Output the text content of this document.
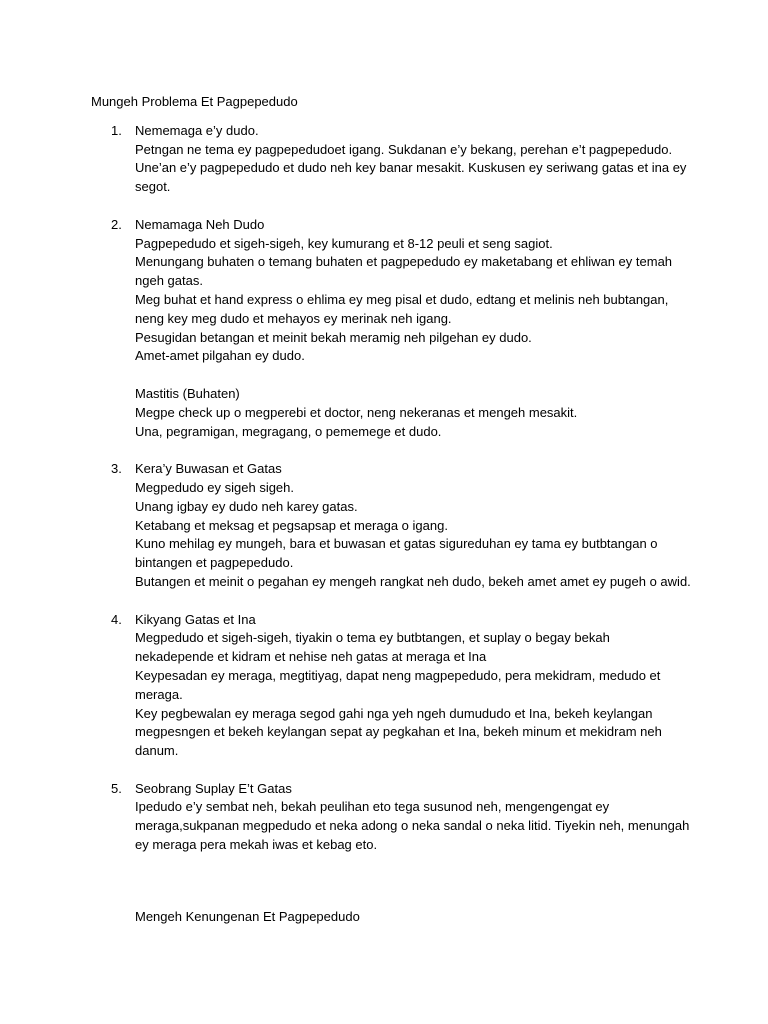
Mungeh Problema Et Pagpepedudo
1. Nememaga e’y dudo.
Petngan ne tema ey pagpepedudoet igang. Sukdanan e’y bekang, perehan e’t pagpepedudo. Une’an e’y pagpepedudo et dudo neh key banar mesakit. Kuskusen ey seriwang gatas et ina ey segot.
2. Nemamaga Neh Dudo
Pagpepedudo et sigeh-sigeh, key kumurang et 8-12 peuli et seng sagiot.
Menungang buhaten o temang buhaten et pagpepedudo ey maketabang et ehliwan ey temah ngeh gatas.
Meg buhat et hand express o ehlima ey meg pisal et dudo, edtang et melinis neh bubtangan, neng key meg dudo et mehayos ey merinak neh igang.
Pesugidan betangan et meinit bekah meramig neh pilgehan ey dudo.
Amet-amet pilgahan ey dudo.
Mastitis (Buhaten)
Megpe check up o megperebi et doctor, neng nekeranas et mengeh mesakit.
Una, pegramigan, megragang, o pememege et dudo.
3. Kera’y Buwasan et Gatas
Megpedudo ey sigeh sigeh.
Unang igbay ey dudo neh karey gatas.
Ketabang et meksag et pegsapsap et meraga o igang.
Kuno mehilag ey mungeh, bara et buwasan et gatas sigureduhan ey tama ey butbtangan o bintangen et pagpepedudo.
Butangen et meinit o pegahan ey mengeh rangkat neh dudo, bekeh amet amet ey pugeh o awid.
4. Kikyang Gatas et Ina
Megpedudo et sigeh-sigeh, tiyakin o tema ey butbtangen, et suplay o begay bekah nekadepende et kidram et nehise neh gatas at meraga et Ina
Keypesadan ey meraga, megtitiyag, dapat neng magpepedudo, pera mekidram, medudo et meraga.
Key pegbewalan ey meraga segod gahi nga yeh ngeh dumududo et Ina, bekeh keylangan megpesngen et bekeh keylangan sepat ay pegkahan et Ina, bekeh minum et mekidram neh danum.
5. Seobrang Suplay E’t Gatas
Ipedudo e’y sembat neh, bekah peulihan eto tega susunod neh, mengengengat ey meraga,sukpanan megpedudo et neka adong o neka sandal o neka litid. Tiyekin neh, menungah ey meraga pera mekah iwas et kebag eto.
Mengeh Kenungenan Et Pagpepedudo
